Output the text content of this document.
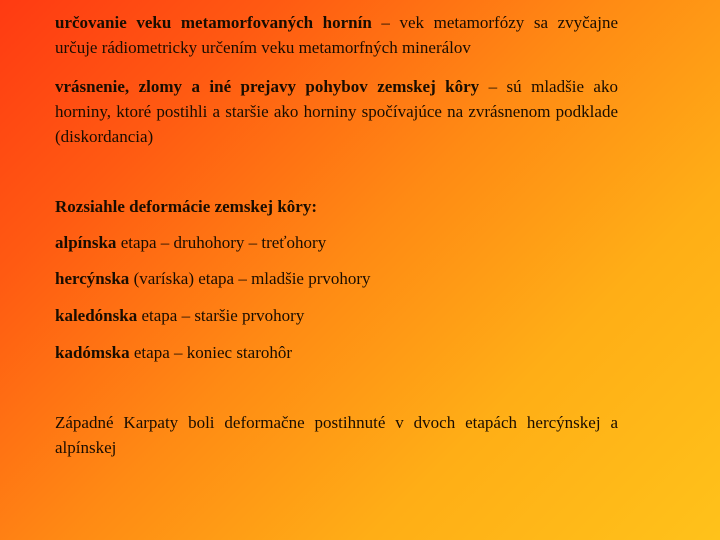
určovanie veku metamorfovaných hornín – vek metamorfózy sa zvyčajne určuje rádiometricky určením veku metamorfných minerálov

vrásnenie, zlomy a iné prejavy pohybov zemskej kôry – sú mladšie ako horniny, ktoré postihli a staršie ako horniny spočívajúce na zvrásnenom podklade (diskordancia)

Rozsiahle deformácie zemskej kôry:

alpínska etapa – druhohory – treťohory

hercýnska (varíska) etapa – mladšie prvohory

kaledónska etapa – staršie prvohory

kadómska etapa – koniec starohôr

Západné Karpaty boli deformačne postihnuté v dvoch etapách hercýnskej a alpínskej
